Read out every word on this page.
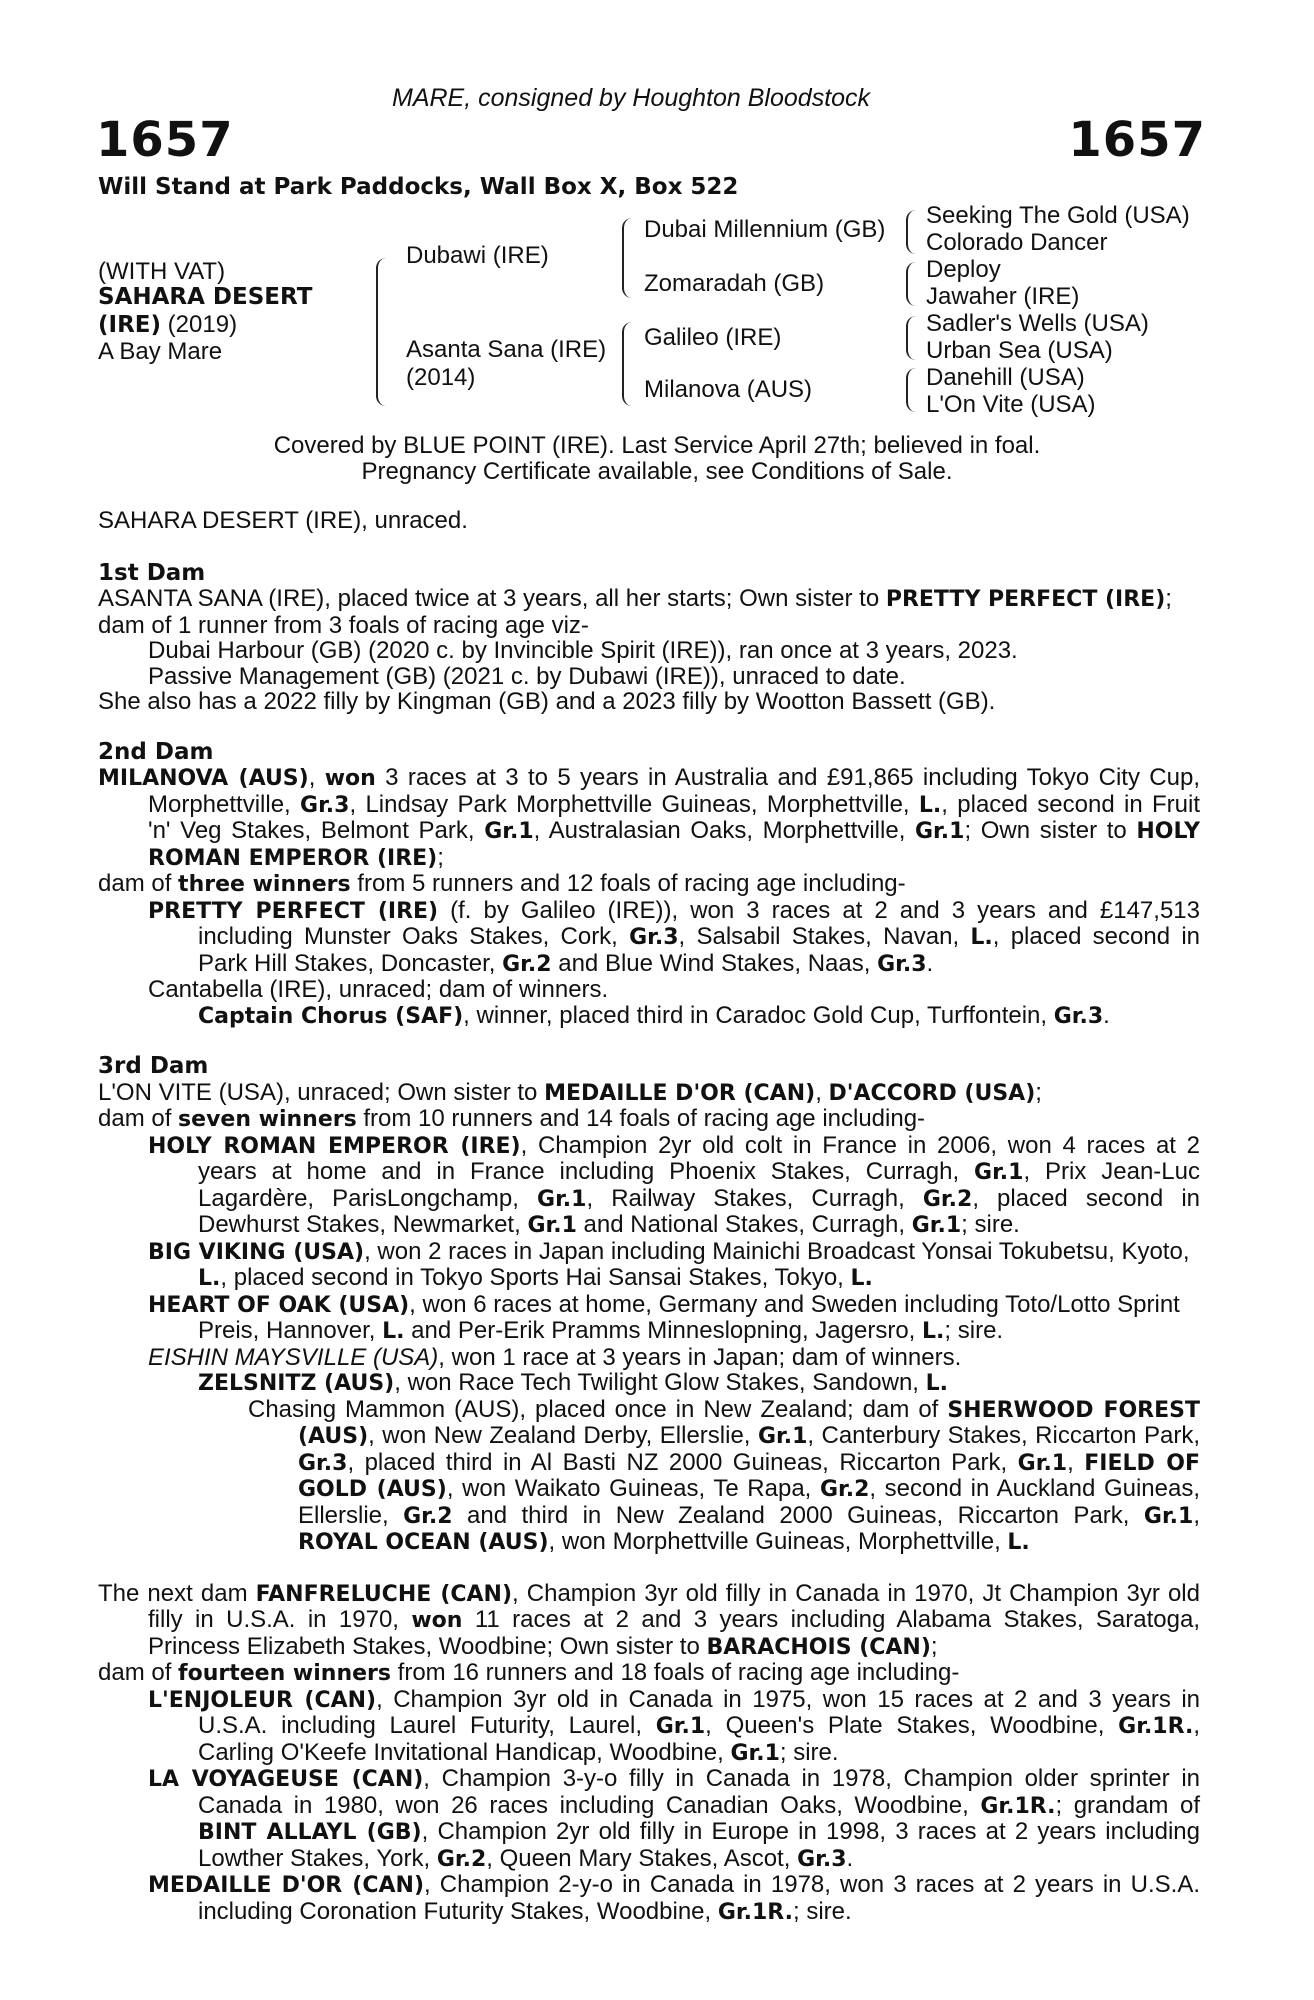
MARE, consigned by Houghton Bloodstock
1657	1657
Will Stand at Park Paddocks, Wall Box X, Box 522
(WITH VAT)
SAHARA DESERT
(IRE) (2019)
A Bay Mare
Dubawi (IRE)
Asanta Sana (IRE)
(2014)
Dubai Millennium (GB)
Zomaradah (GB)
Galileo (IRE)
Milanova (AUS)
Seeking The Gold (USA)
Colorado Dancer
Deploy
Jawaher (IRE)
Sadler's Wells (USA)
Urban Sea (USA)
Danehill (USA)
L'On Vite (USA)
Covered by BLUE POINT (IRE). Last Service April 27th; believed in foal.
Pregnancy Certificate available, see Conditions of Sale.

SAHARA DESERT (IRE), unraced.

1st Dam

ASANTA SANA (IRE), placed twice at 3 years, all her starts; Own sister to PRETTY PERFECT (IRE);

dam of 1 runner from 3 foals of racing age viz-

Dubai Harbour (GB) (2020 c. by Invincible Spirit (IRE)), ran once at 3 years, 2023.

Passive Management (GB) (2021 c. by Dubawi (IRE)), unraced to date.

She also has a 2022 filly by Kingman (GB) and a 2023 filly by Wootton Bassett (GB).

2nd Dam

MILANOVA (AUS), won 3 races at 3 to 5 years in Australia and £91,865 including Tokyo City Cup, Morphettville, Gr.3, Lindsay Park Morphettville Guineas, Morphettville, L., placed second in Fruit 'n' Veg Stakes, Belmont Park, Gr.1, Australasian Oaks, Morphettville, Gr.1; Own sister to HOLY ROMAN EMPEROR (IRE);

dam of three winners from 5 runners and 12 foals of racing age including-

PRETTY PERFECT (IRE) (f. by Galileo (IRE)), won 3 races at 2 and 3 years and £147,513 including Munster Oaks Stakes, Cork, Gr.3, Salsabil Stakes, Navan, L., placed second in Park Hill Stakes, Doncaster, Gr.2 and Blue Wind Stakes, Naas, Gr.3.

Cantabella (IRE), unraced; dam of winners.

Captain Chorus (SAF), winner, placed third in Caradoc Gold Cup, Turffontein, Gr.3.

3rd Dam

L'ON VITE (USA), unraced; Own sister to MEDAILLE D'OR (CAN), D'ACCORD (USA);

dam of seven winners from 10 runners and 14 foals of racing age including-

HOLY ROMAN EMPEROR (IRE), Champion 2yr old colt in France in 2006, won 4 races at 2 years at home and in France including Phoenix Stakes, Curragh, Gr.1, Prix Jean-Luc Lagardère, ParisLongchamp, Gr.1, Railway Stakes, Curragh, Gr.2, placed second in Dewhurst Stakes, Newmarket, Gr.1 and National Stakes, Curragh, Gr.1; sire.

BIG VIKING (USA), won 2 races in Japan including Mainichi Broadcast Yonsai Tokubetsu, Kyoto, L., placed second in Tokyo Sports Hai Sansai Stakes, Tokyo, L.

HEART OF OAK (USA), won 6 races at home, Germany and Sweden including Toto/Lotto Sprint Preis, Hannover, L. and Per-Erik Pramms Minneslopning, Jagersro, L.; sire.

EISHIN MAYSVILLE (USA), won 1 race at 3 years in Japan; dam of winners.

ZELSNITZ (AUS), won Race Tech Twilight Glow Stakes, Sandown, L.

Chasing Mammon (AUS), placed once in New Zealand; dam of SHERWOOD FOREST (AUS), won New Zealand Derby, Ellerslie, Gr.1, Canterbury Stakes, Riccarton Park, Gr.3, placed third in Al Basti NZ 2000 Guineas, Riccarton Park, Gr.1, FIELD OF GOLD (AUS), won Waikato Guineas, Te Rapa, Gr.2, second in Auckland Guineas, Ellerslie, Gr.2 and third in New Zealand 2000 Guineas, Riccarton Park, Gr.1, ROYAL OCEAN (AUS), won Morphettville Guineas, Morphettville, L.

The next dam FANFRELUCHE (CAN), Champion 3yr old filly in Canada in 1970, Jt Champion 3yr old filly in U.S.A. in 1970, won 11 races at 2 and 3 years including Alabama Stakes, Saratoga, Princess Elizabeth Stakes, Woodbine; Own sister to BARACHOIS (CAN);

dam of fourteen winners from 16 runners and 18 foals of racing age including-

L'ENJOLEUR (CAN), Champion 3yr old in Canada in 1975, won 15 races at 2 and 3 years in U.S.A. including Laurel Futurity, Laurel, Gr.1, Queen's Plate Stakes, Woodbine, Gr.1R., Carling O'Keefe Invitational Handicap, Woodbine, Gr.1; sire.

LA VOYAGEUSE (CAN), Champion 3-y-o filly in Canada in 1978, Champion older sprinter in Canada in 1980, won 26 races including Canadian Oaks, Woodbine, Gr.1R.; grandam of BINT ALLAYL (GB), Champion 2yr old filly in Europe in 1998, 3 races at 2 years including Lowther Stakes, York, Gr.2, Queen Mary Stakes, Ascot, Gr.3.

MEDAILLE D'OR (CAN), Champion 2-y-o in Canada in 1978, won 3 races at 2 years in U.S.A. including Coronation Futurity Stakes, Woodbine, Gr.1R.; sire.
